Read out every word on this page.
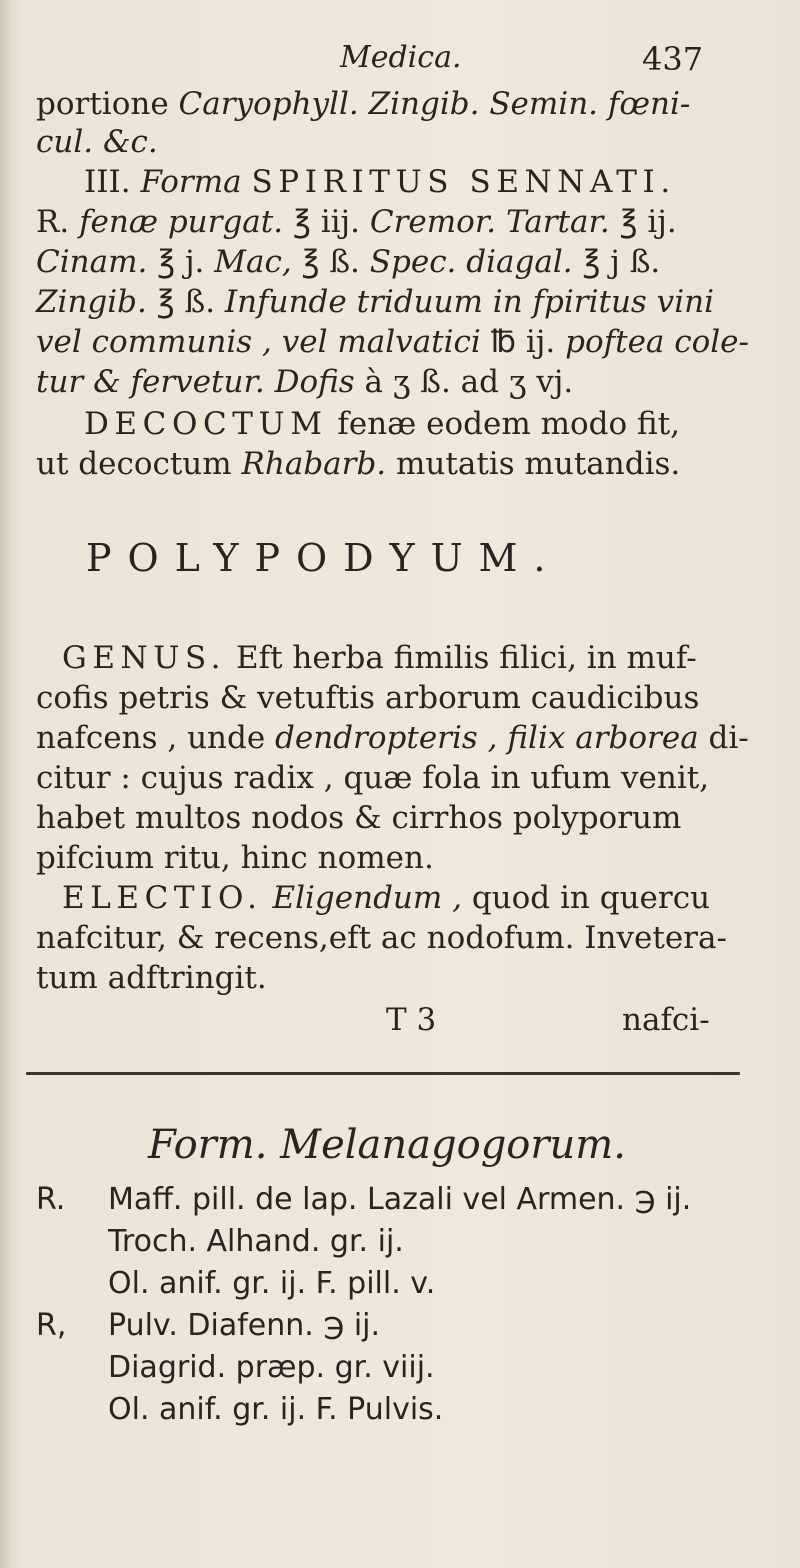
Medica.	437
portione Caryophyll. Zingib. Semin. fœni-
cul. &c.
III. Forma SPIRITUS SENNATI.
R. fenæ purgat. ℥ iij. Cremor. Tartar. ℥ ij.
Cinam. ℥ j. Mac, ℥ ß. Spec. diagal. ℥ j ß.
Zingib. ℥ ß. Infunde triduum in fpiritus vini
vel communis , vel malvatici ℔ ij. poftea cole-
tur & fervetur. Dofis à ʒ ß. ad ʒ vj.
DECOCTUM fenæ eodem modo fit,
ut decoctum Rhabarb. mutatis mutandis.
POLYPODYUM.
GENUS. Eft herba fimilis filici, in muf-
cofis petris & vetuftis arborum caudicibus
nafcens , unde dendropteris , filix arborea di-
citur : cujus radix , quæ fola in ufum venit,
habet multos nodos & cirrhos polyporum
pifcium ritu, hinc nomen.
ELECTIO. Eligendum , quod in quercu
nafcitur, & recens,eft ac nodofum. Invetera-
tum adftringit.
T 3	nafci-
Form. Melanagogorum.
R. Maff. pill. de lap. Lazali vel Armen. ℈ ij.
Troch. Alhand. gr. ij.
Ol. anif. gr. ij. F. pill. v.
R, Pulv. Diafenn. ℈ ij.
Diagrid. præp. gr. viij.
Ol. anif. gr. ij. F. Pulvis.
